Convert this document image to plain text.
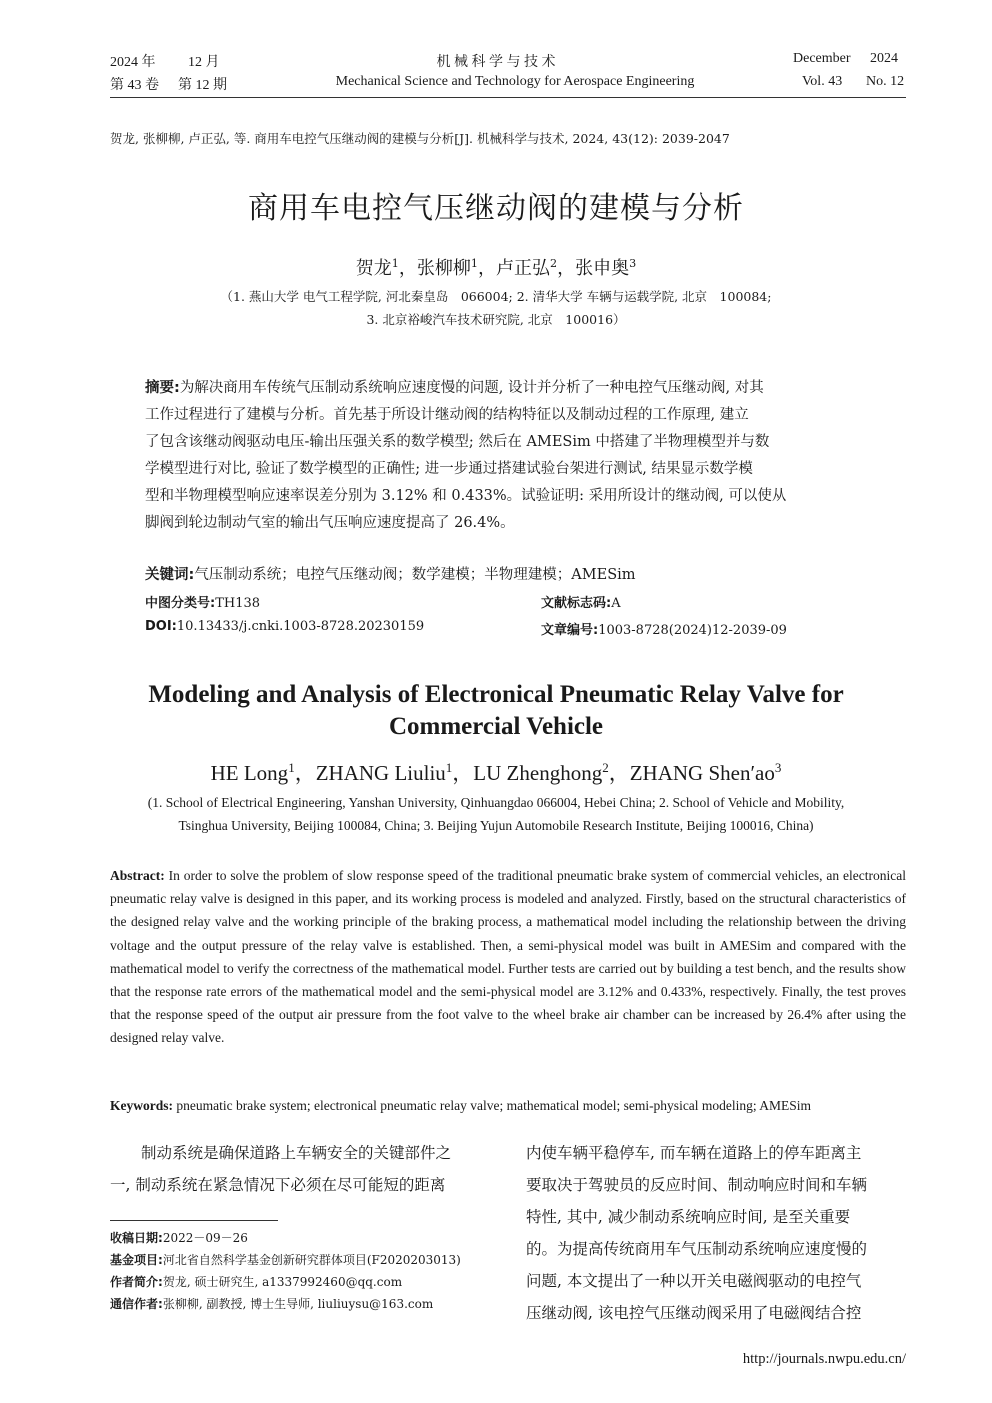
2024 年 12 月	机 械 科 学 与 技 术	December 2024
第 43 卷 第 12 期	Mechanical Science and Technology for Aerospace Engineering	Vol. 43 No. 12
贺龙, 张柳柳, 卢正弘, 等. 商用车电控气压继动阀的建模与分析[J]. 机械科学与技术, 2024, 43(12): 2039-2047
商用车电控气压继动阀的建模与分析
贺龙$^1$，张柳柳$^1$，卢正弘$^2$，张申奥$^3$
（1. 燕山大学 电气工程学院, 河北秦皇岛　066004; 2. 清华大学 车辆与运载学院, 北京　100084;
3. 北京裕峻汽车技术研究院, 北京　100016）
摘要:为解决商用车传统气压制动系统响应速度慢的问题, 设计并分析了一种电控气压继动阀, 对其
工作过程进行了建模与分析。首先基于所设计继动阀的结构特征以及制动过程的工作原理, 建立
了包含该继动阀驱动电压-输出压强关系的数学模型; 然后在 AMESim 中搭建了半物理模型并与数
学模型进行对比, 验证了数学模型的正确性; 进一步通过搭建试验台架进行测试, 结果显示数学模
型和半物理模型响应速率误差分别为 3.12% 和 0.433%。试验证明: 采用所设计的继动阀, 可以使从
脚阀到轮边制动气室的输出气压响应速度提高了 26.4%。
关键词:气压制动系统；电控气压继动阀；数学建模；半物理建模；AMESim
中图分类号:TH138	文献标志码:A
DOI:10.13433/j.cnki.1003-8728.20230159	文章编号:1003-8728(2024)12-2039-09
Modeling and Analysis of Electronical Pneumatic Relay Valve for
Commercial Vehicle
HE Long$^1$，ZHANG Liuliu$^1$，LU Zhenghong$^2$，ZHANG $Shen'ao^3$
(1. School of Electrical Engineering, Yanshan University, Qinhuangdao 066004, Hebei China; 2. School of Vehicle and Mobility,
Tsinghua University, Beijing 100084, China; 3. Beijing Yujun Automobile Research Institute, Beijing 100016, China)
Abstract: In order to solve the problem of slow response speed of the traditional pneumatic brake system of commercial vehicles, an electronical pneumatic relay valve is designed in this paper, and its working process is modeled and analyzed. Firstly, based on the structural characteristics of the designed relay valve and the working principle of the braking process, a mathematical model including the relationship between the driving voltage and the output pressure of the relay valve is established. Then, a semi-physical model was built in AMESim and compared with the mathematical model to verify the correctness of the mathematical model. Further tests are carried out by building a test bench, and the results show that the response rate errors of the mathematical model and the semi-physical model are 3.12% and 0.433%, respectively. Finally, the test proves that the response speed of the output air pressure from the foot valve to the wheel brake air chamber can be increased by 26.4% after using the designed relay valve.
Keywords: pneumatic brake system; electronical pneumatic relay valve; mathematical model; semi-physical modeling; AMESim
　　制动系统是确保道路上车辆安全的关键部件之
一, 制动系统在紧急情况下必须在尽可能短的距离
内使车辆平稳停车, 而车辆在道路上的停车距离主
要取决于驾驶员的反应时间、制动响应时间和车辆
特性, 其中, 减少制动系统响应时间, 是至关重要
的。为提高传统商用车气压制动系统响应速度慢的
问题, 本文提出了一种以开关电磁阀驱动的电控气
压继动阀, 该电控气压继动阀采用了电磁阀结合控
收稿日期:2022－09－26
基金项目:河北省自然科学基金创新研究群体项目(F2020203013)
作者简介:贺龙, 硕士研究生, a1337992460@qq.com
通信作者:张柳柳, 副教授, 博士生导师, liuliuysu@163.com
http://journals.nwpu.edu.cn/
